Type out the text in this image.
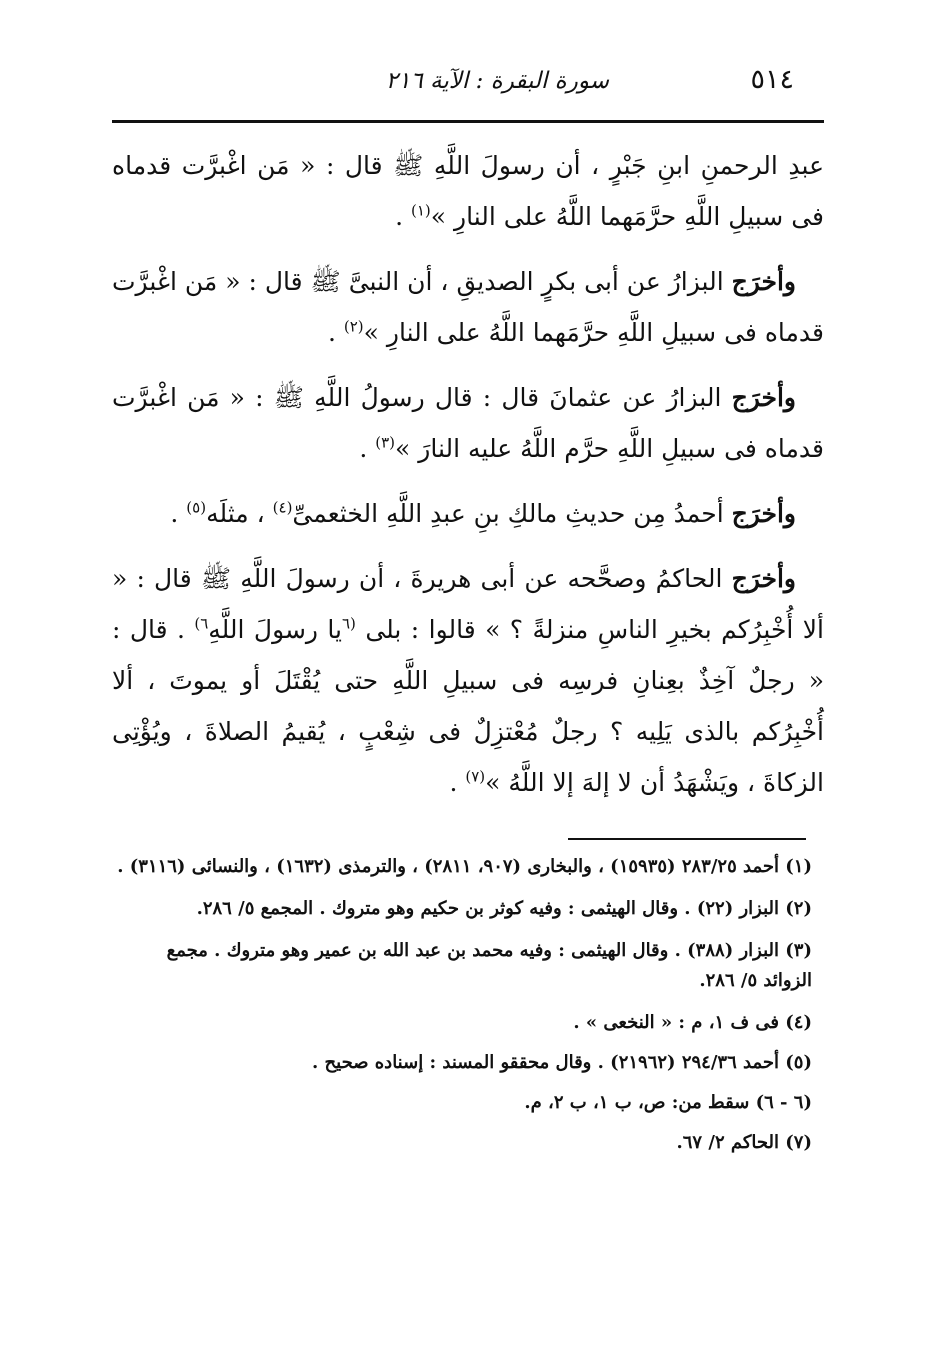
٥١٤
سورة البقرة : الآية ٢١٦

عبدِ الرحمنِ ابنِ جَبْرٍ ، أن رسولَ اللَّهِ ﷺ قال : « مَن اغْبرَّت قدماه فى سبيلِ اللَّهِ حرَّمَهما اللَّهُ على النارِ »$^{(١)}$ .

وأخرَج البزارُ عن أبى بكرٍ الصديقِ ، أن النبىَّ ﷺ قال : « مَن اغْبرَّت قدماه فى سبيلِ اللَّهِ حرَّمَهما اللَّهُ على النارِ »$^{(٢)}$ .

وأخرَج البزارُ عن عثمانَ قال : قال رسولُ اللَّهِ ﷺ : « مَن اغْبرَّت قدماه فى سبيلِ اللَّهِ حرَّم اللَّهُ عليه النارَ »$^{(٣)}$ .

وأخرَج أحمدُ مِن حديثِ مالكِ بنِ عبدِ اللَّهِ الخثعمىِّ$^{(٤)}$ ، مثلَه$^{(٥)}$ .

وأخرَج الحاكمُ وصحَّحه عن أبى هريرةَ ، أن رسولَ اللَّهِ ﷺ قال : « ألا أُخْبِرُكم بخيرِ الناسِ منزلةً ؟ » قالوا : بلى $^{(٦}$يا رسولَ اللَّهِ$^{٦)}$ . قال : « رجلٌ آخِذٌ بعِنانِ فرسِه فى سبيلِ اللَّهِ حتى يُقْتَلَ أو يموتَ ، ألا أُخْبِرُكم بالذى يَلِيه ؟ رجلٌ مُعْتزِلٌ فى شِعْبٍ ، يُقيمُ الصلاةَ ، ويُؤْتِى الزكاةَ ، ويَشْهَدُ أن لا إلهَ إلا اللَّهُ »$^{(٧)}$ .

(١) أحمد ٢٨٣/٢٥ (١٥٩٣٥) ، والبخارى (٩٠٧، ٢٨١١) ، والترمذى (١٦٣٢) ، والنسائى (٣١١٦) .

(٢) البزار (٢٢) . وقال الهيثمى : وفيه كوثر بن حكيم وهو متروك . المجمع ٥/ ٢٨٦.

(٣) البزار (٣٨٨) . وقال الهيثمى : وفيه محمد بن عبد الله بن عمير وهو متروك . مجمع الزوائد ٥/ ٢٨٦.

(٤) فى ف ١، م : « النخعى » .

(٥) أحمد ٢٩٤/٣٦ (٢١٩٦٢) . وقال محققو المسند : إسناده صحيح .

(٦ - ٦) سقط من: ص، ب ١، ب ٢، م.

(٧) الحاكم ٢/ ٦٧.
